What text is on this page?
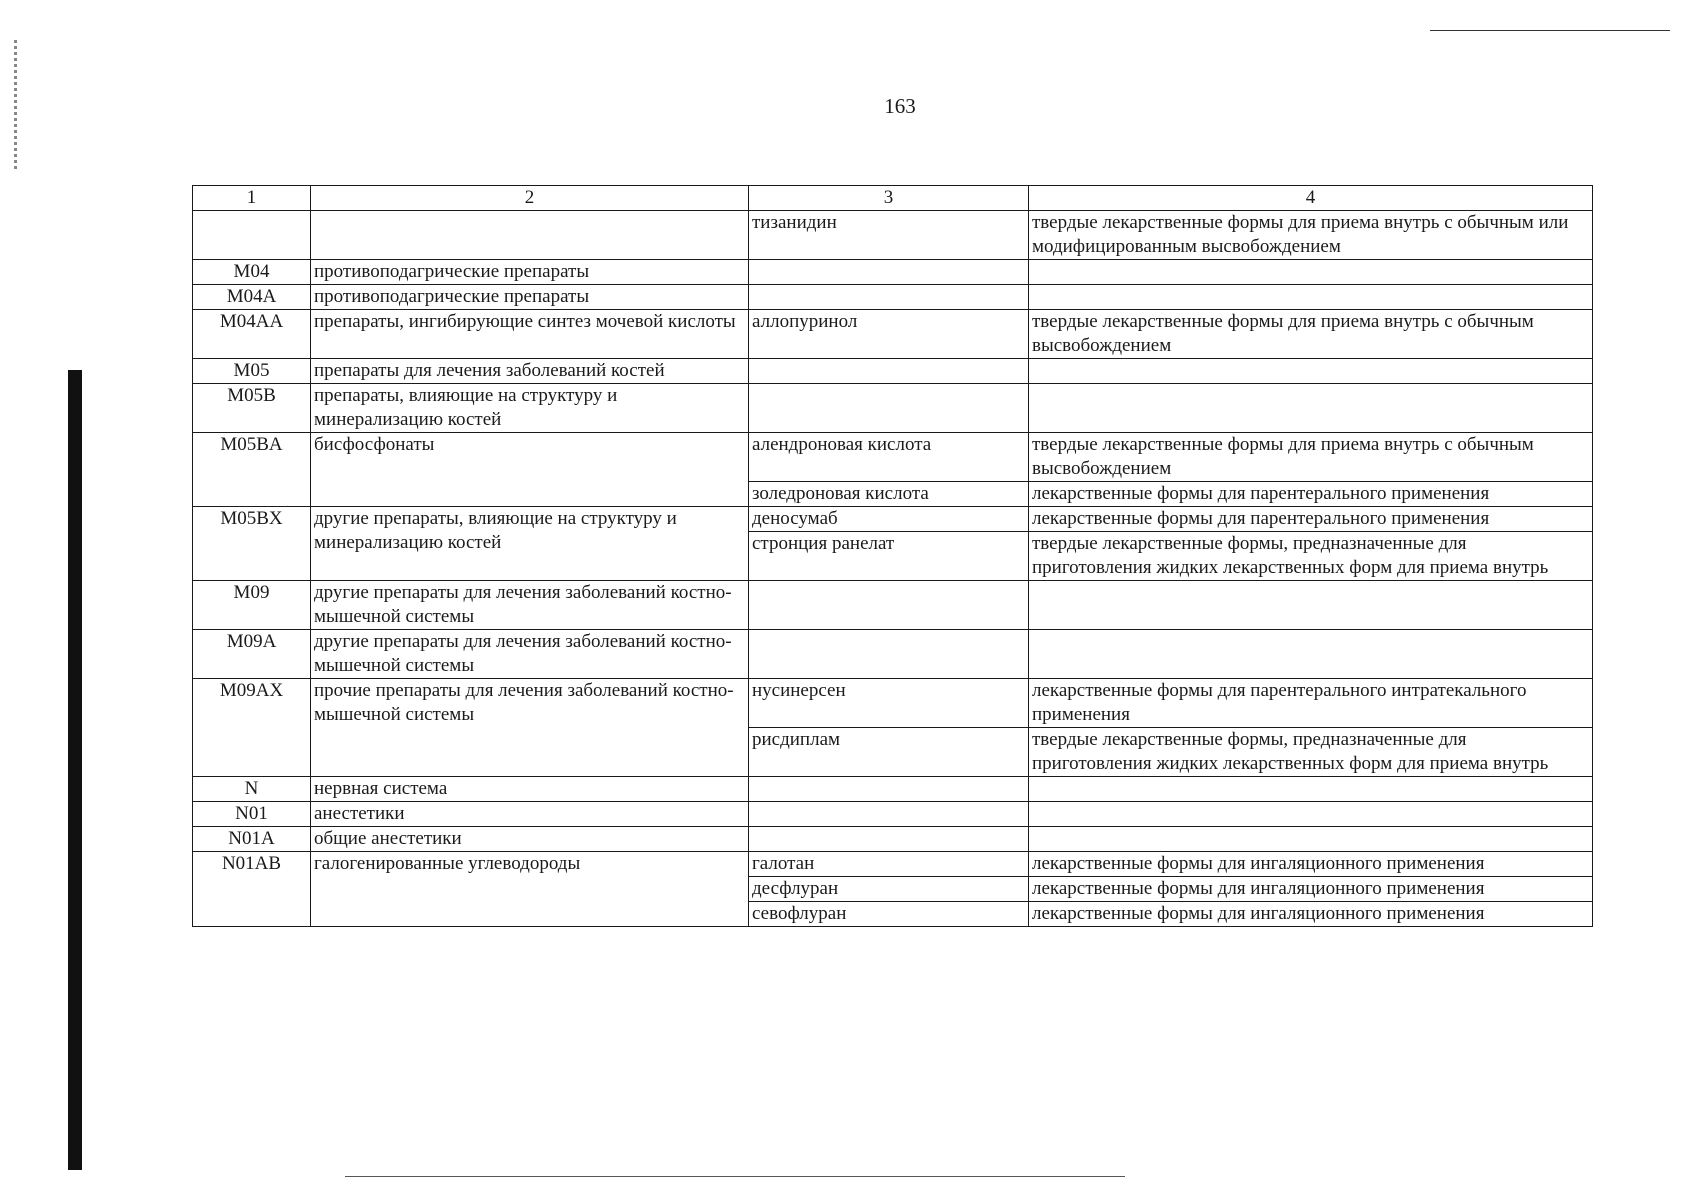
163
1	2	3	4
		тизанидин	твердые лекарственные формы для приема внутрь с обычным или модифицированным высвобождением
M04	противоподагрические препараты		
M04A	противоподагрические препараты		
M04AA	препараты, ингибирующие синтез мочевой кислоты	аллопуринол	твердые лекарственные формы для приема внутрь с обычным высвобождением
M05	препараты для лечения заболеваний костей		
M05B	препараты, влияющие на структуру и минерализацию костей		
M05BA	бисфосфонаты	алендроновая кислота	твердые лекарственные формы для приема внутрь с обычным высвобождением
		золедроновая кислота	лекарственные формы для парентерального применения
M05BX	другие препараты, влияющие на структуру и минерализацию костей	деносумаб	лекарственные формы для парентерального применения
		стронция ранелат	твердые лекарственные формы, предназначенные для приготовления жидких лекарственных форм для приема внутрь
M09	другие препараты для лечения заболеваний костно-мышечной системы		
M09A	другие препараты для лечения заболеваний костно-мышечной системы		
M09AX	прочие препараты для лечения заболеваний костно-мышечной системы	нусинерсен	лекарственные формы для парентерального интратекального применения
		рисдиплам	твердые лекарственные формы, предназначенные для приготовления жидких лекарственных форм для приема внутрь
N	нервная система		
N01	анестетики		
N01A	общие анестетики		
N01AB	галогенированные углеводороды	галотан	лекарственные формы для ингаляционного применения
		десфлуран	лекарственные формы для ингаляционного применения
		севофлуран	лекарственные формы для ингаляционного применения
